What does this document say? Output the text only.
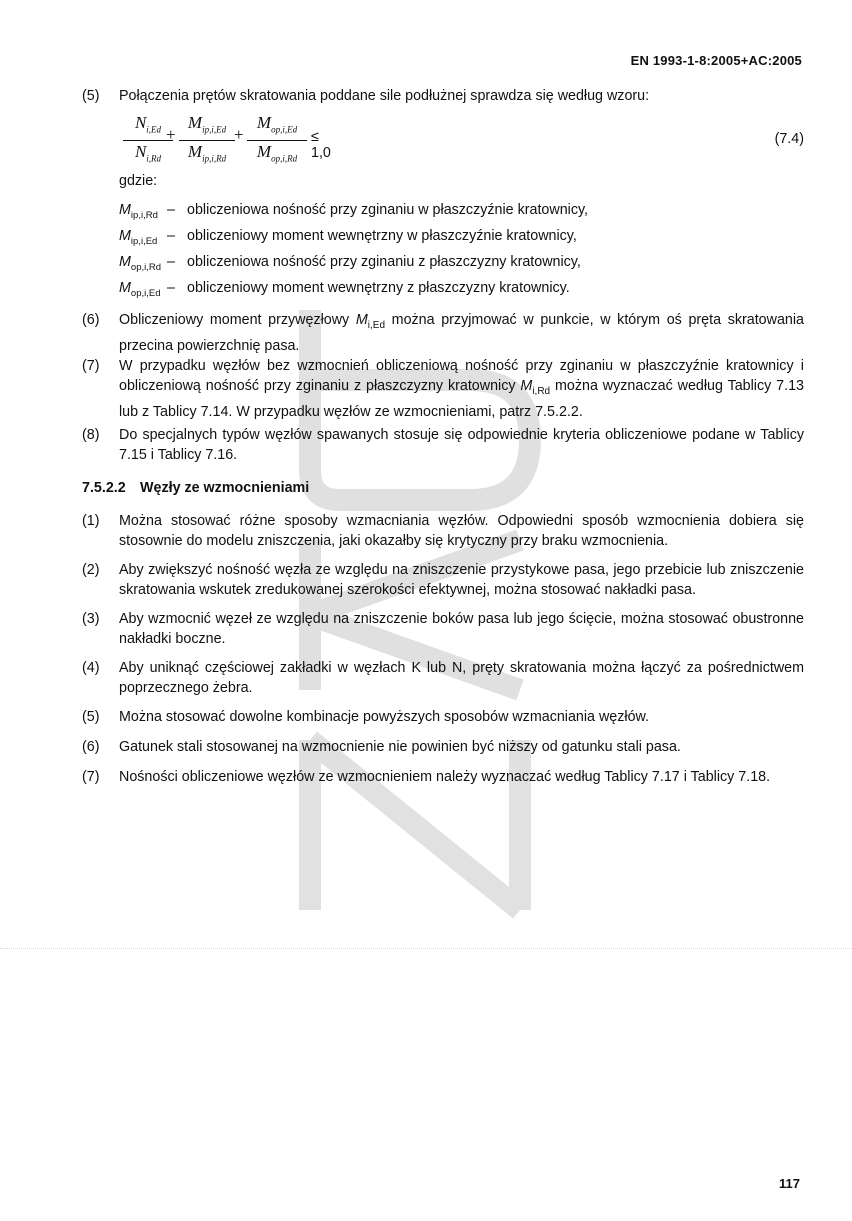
EN 1993-1-8:2005+AC:2005
(5)	Połączenia prętów skratowania poddane sile podłużnej sprawdza się według wzoru:
$N_{i,Ed}$
$N_{i,Rd}$
+
$M_{ip,i,Ed}$
$M_{ip,i,Rd}$
+
$M_{op,i,Ed}$
$M_{op,i,Rd}$
≤ 1,0
(7.4)
gdzie:
$M_{ip,i,Rd}$ – obliczeniowa nośność przy zginaniu w płaszczyźnie kratownicy,
$M_{ip,i,Ed}$ – obliczeniowy moment wewnętrzny w płaszczyźnie kratownicy,
$M_{op,i,Rd}$ – obliczeniowa nośność przy zginaniu z płaszczyzny kratownicy,
$M_{op,i,Ed}$ – obliczeniowy moment wewnętrzny z płaszczyzny kratownicy.
(6)	Obliczeniowy moment przywęzłowy $M_{i,Ed}$ można przyjmować w punkcie, w którym oś pręta skratowania przecina powierzchnię pasa.
(7)	W przypadku węzłów bez wzmocnień obliczeniową nośność przy zginaniu w płaszczyźnie kratownicy i obliczeniową nośność przy zginaniu z płaszczyzny kratownicy $M_{i,Rd}$ można wyznaczać według Tablicy 7.13 lub z Tablicy 7.14. W przypadku węzłów ze wzmocnieniami, patrz 7.5.2.2.
(8)	Do specjalnych typów węzłów spawanych stosuje się odpowiednie kryteria obliczeniowe podane w Tablicy 7.15 i Tablicy 7.16.
7.5.2.2 Węzły ze wzmocnieniami
(1)	Można stosować różne sposoby wzmacniania węzłów. Odpowiedni sposób wzmocnienia dobiera się stosownie do modelu zniszczenia, jaki okazałby się krytyczny przy braku wzmocnienia.
(2)	Aby zwiększyć nośność węzła ze względu na zniszczenie przystykowe pasa, jego przebicie lub zniszczenie skratowania wskutek zredukowanej szerokości efektywnej, można stosować nakładki pasa.
(3)	Aby wzmocnić węzeł ze względu na zniszczenie boków pasa lub jego ścięcie, można stosować obustronne nakładki boczne.
(4)	Aby uniknąć częściowej zakładki w węzłach K lub N, pręty skratowania można łączyć za pośrednictwem poprzecznego żebra.
(5)	Można stosować dowolne kombinacje powyższych sposobów wzmacniania węzłów.
(6)	Gatunek stali stosowanej na wzmocnienie nie powinien być niższy od gatunku stali pasa.
(7)	Nośności obliczeniowe węzłów ze wzmocnieniem należy wyznaczać według Tablicy 7.17 i Tablicy 7.18.
117
